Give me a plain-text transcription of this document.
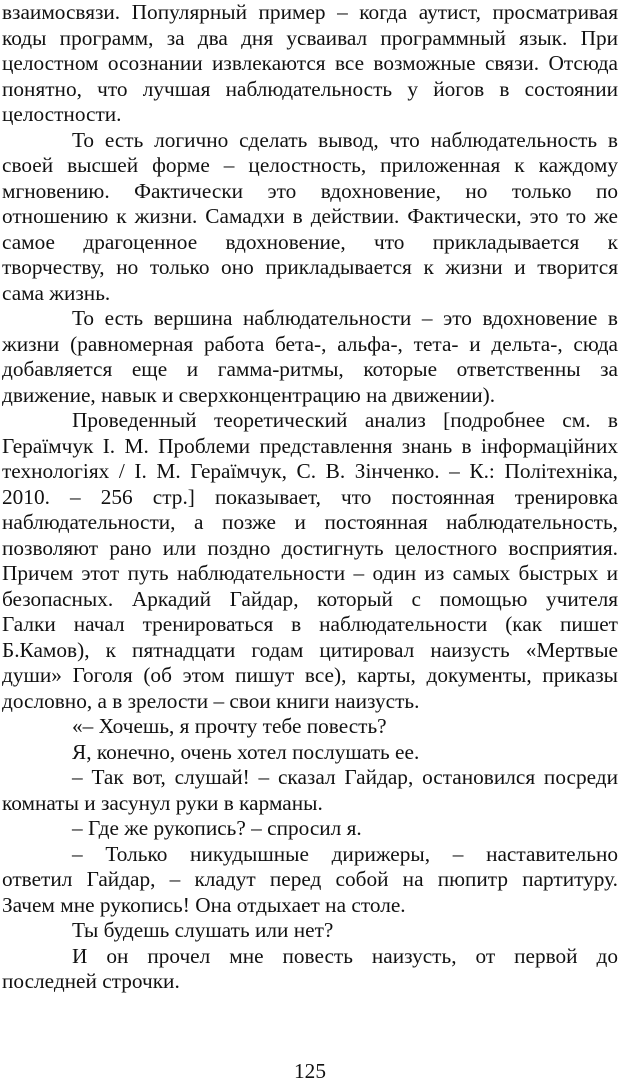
взаимосвязи. Популярный пример – когда аутист, просматривая
коды программ, за два дня усваивал программный язык. При
целостном осознании извлекаются все возможные связи. Отсюда
понятно, что лучшая наблюдательность у йогов в состоянии
целостности.
То есть логично сделать вывод, что наблюдательность в
своей высшей форме – целостность, приложенная к каждому
мгновению. Фактически это вдохновение, но только по
отношению к жизни. Самадхи в действии. Фактически, это то же
самое драгоценное вдохновение, что прикладывается к
творчеству, но только оно прикладывается к жизни и творится
сама жизнь.
То есть вершина наблюдательности – это вдохновение в
жизни (равномерная работа бета-, альфа-, тета- и дельта-, сюда
добавляется еще и гамма-ритмы, которые ответственны за
движение, навык и сверхконцентрацию на движении).
Проведенный теоретический анализ [подробнее см. в
Гераїмчук І. М. Проблеми представлення знань в інформаційних
технологіях / І. М. Гераїмчук, С. В. Зінченко. – К.: Політехніка,
2010. – 256 стр.] показывает, что постоянная тренировка
наблюдательности, а позже и постоянная наблюдательность,
позволяют рано или поздно достигнуть целостного восприятия.
Причем этот путь наблюдательности – один из самых быстрых и
безопасных. Аркадий Гайдар, который с помощью учителя
Галки начал тренироваться в наблюдательности (как пишет
Б.Камов), к пятнадцати годам цитировал наизусть «Мертвые
души» Гоголя (об этом пишут все), карты, документы, приказы
дословно, а в зрелости – свои книги наизусть.
«– Хочешь, я прочту тебе повесть?
Я, конечно, очень хотел послушать ее.
– Так вот, слушай! – сказал Гайдар, остановился посреди
комнаты и засунул руки в карманы.
– Где же рукопись? – спросил я.
– Только никудышные дирижеры, – наставительно
ответил Гайдар, – кладут перед собой на пюпитр партитуру.
Зачем мне рукопись! Она отдыхает на столе.
Ты будешь слушать или нет?
И он прочел мне повесть наизусть, от первой до
последней строчки.
125
